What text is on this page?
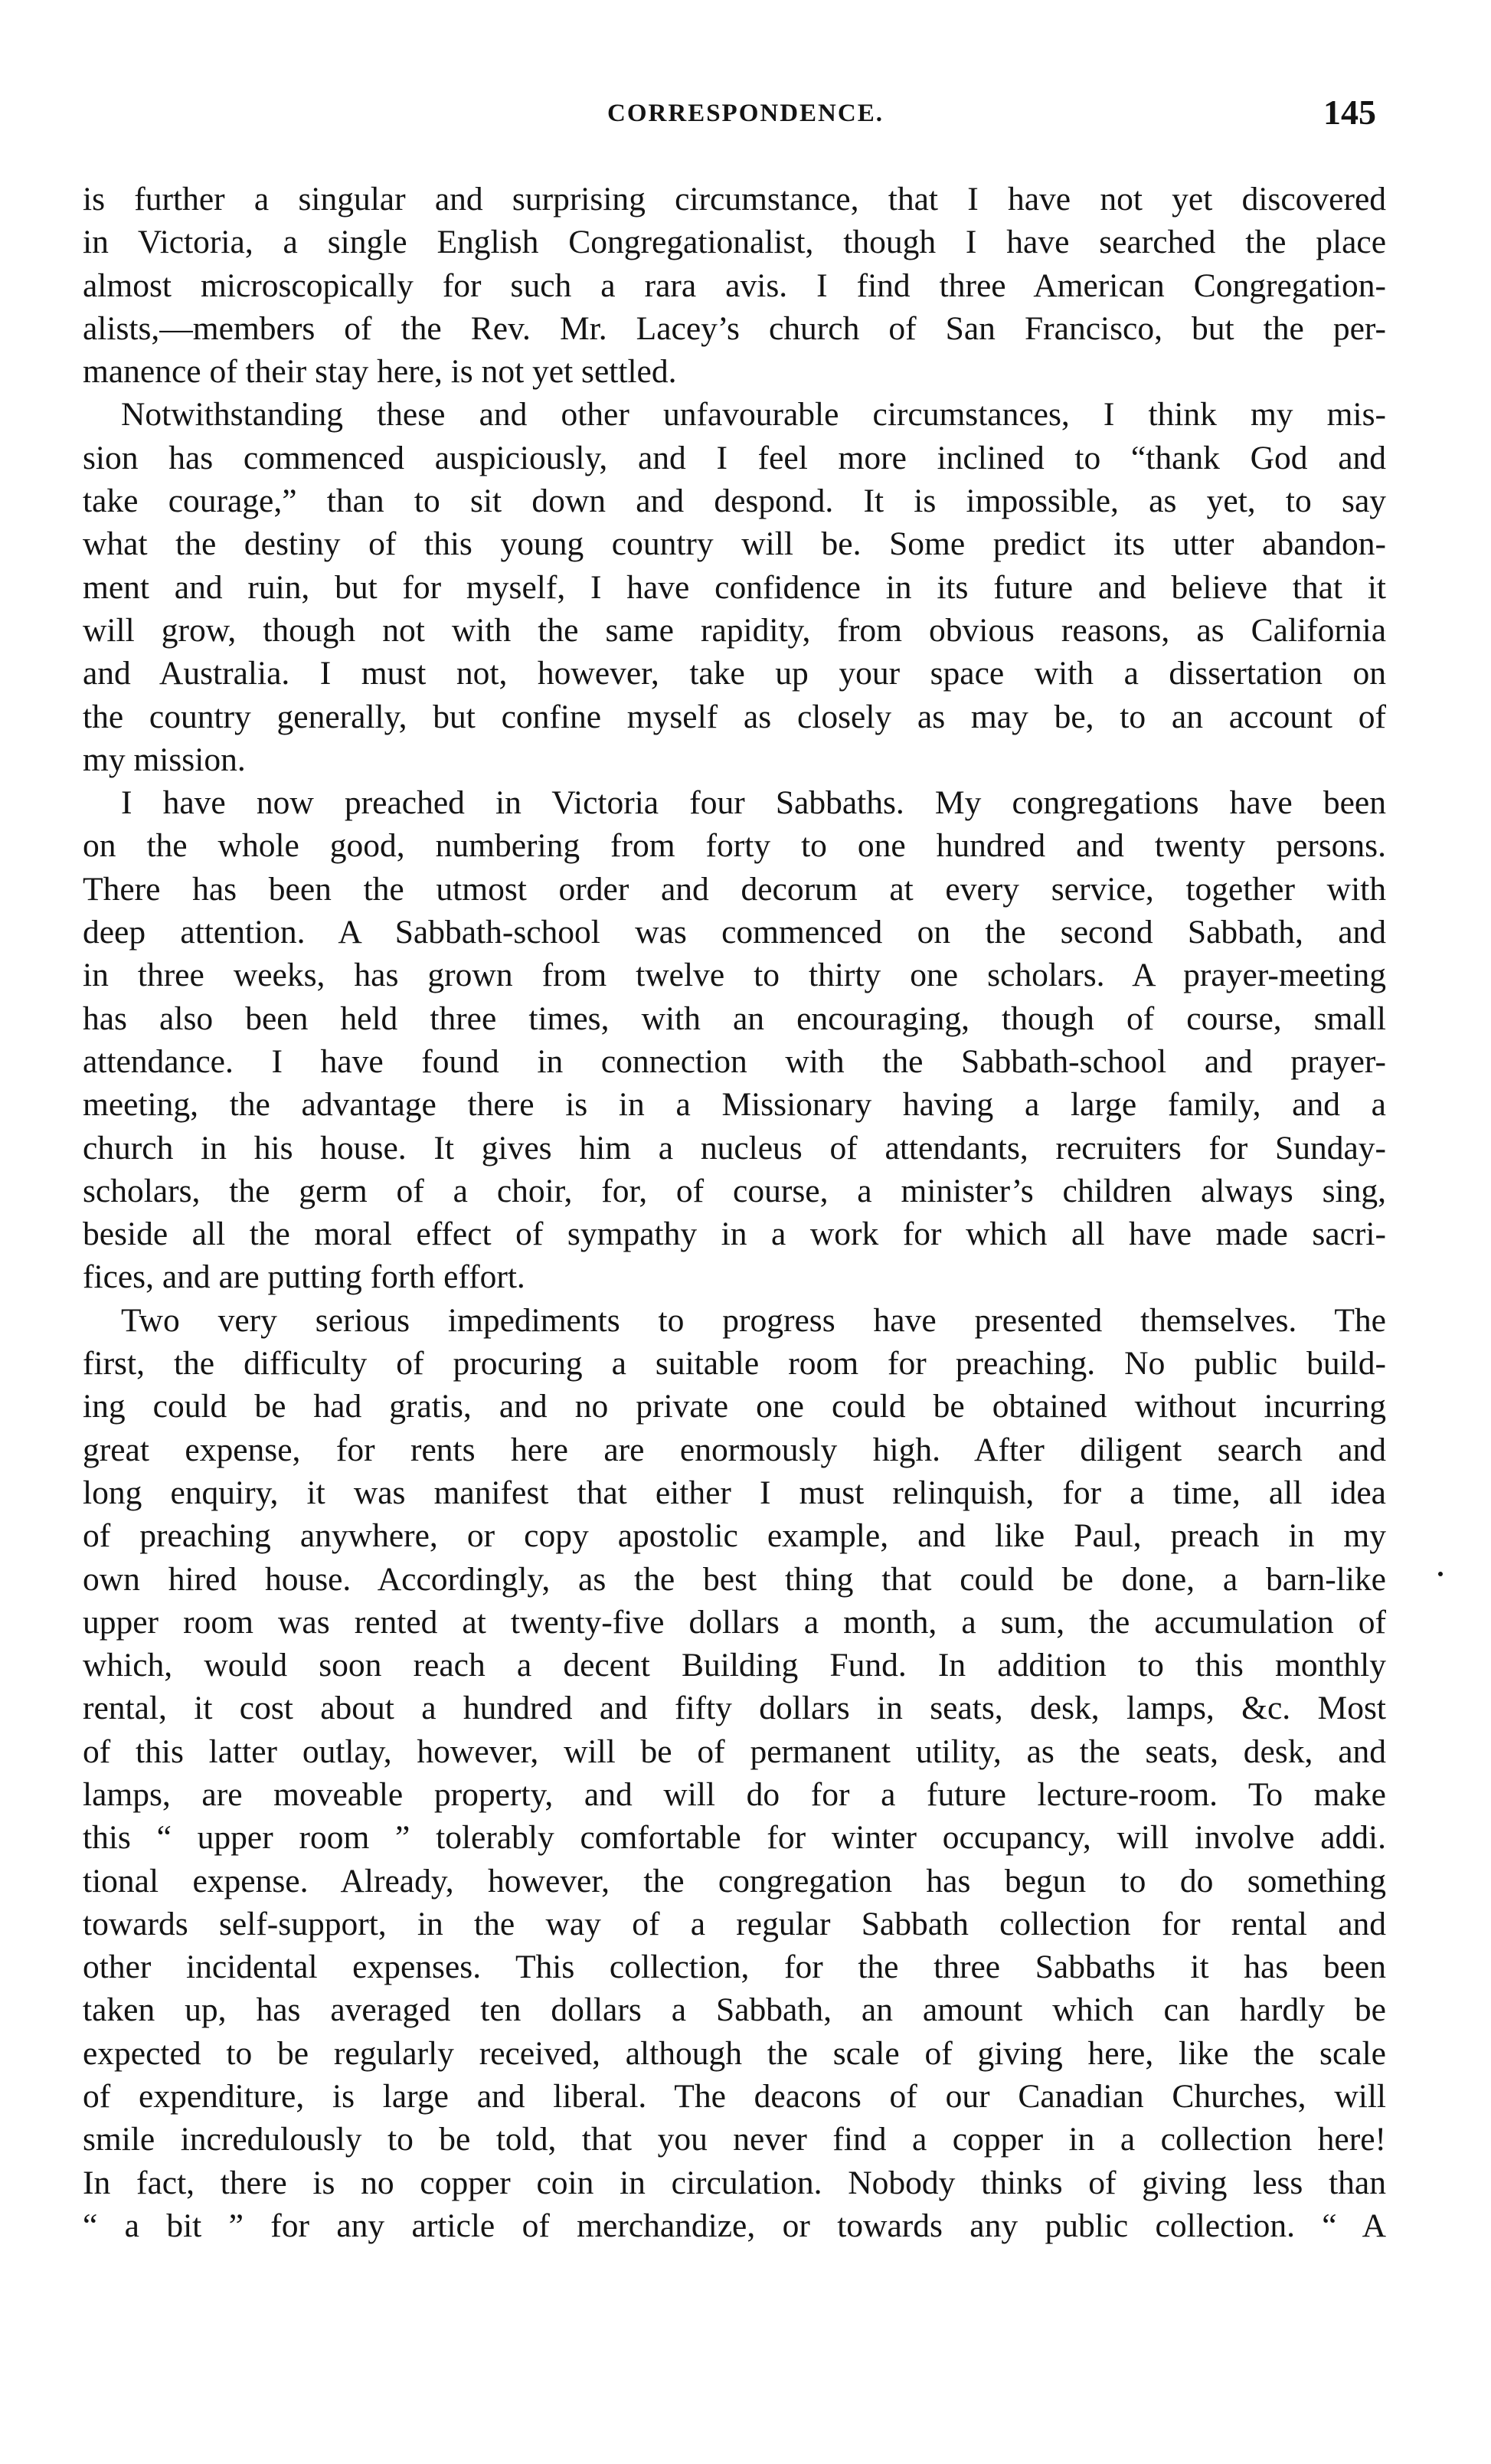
CORRESPONDENCE.	145
is further a singular and surprising circumstance, that I have not yet discovered
in Victoria, a single English Congregationalist, though I have searched the place
almost microscopically for such a rara avis. I find three American Congregation-
alists,—members of the Rev. Mr. Lacey’s church of San Francisco, but the per-
manence of their stay here, is not yet settled.
Notwithstanding these and other unfavourable circumstances, I think my mis-
sion has commenced auspiciously, and I feel more inclined to “thank God and
take courage,” than to sit down and despond. It is impossible, as yet, to say
what the destiny of this young country will be. Some predict its utter abandon-
ment and ruin, but for myself, I have confidence in its future and believe that it
will grow, though not with the same rapidity, from obvious reasons, as California
and Australia. I must not, however, take up your space with a dissertation on
the country generally, but confine myself as closely as may be, to an account of
my mission.
I have now preached in Victoria four Sabbaths. My congregations have been
on the whole good, numbering from forty to one hundred and twenty persons.
There has been the utmost order and decorum at every service, together with
deep attention. A Sabbath-school was commenced on the second Sabbath, and
in three weeks, has grown from twelve to thirty one scholars. A prayer-meeting
has also been held three times, with an encouraging, though of course, small
attendance. I have found in connection with the Sabbath-school and prayer-
meeting, the advantage there is in a Missionary having a large family, and a
church in his house. It gives him a nucleus of attendants, recruiters for Sunday-
scholars, the germ of a choir, for, of course, a minister’s children always sing,
beside all the moral effect of sympathy in a work for which all have made sacri-
fices, and are putting forth effort.
Two very serious impediments to progress have presented themselves. The
first, the difficulty of procuring a suitable room for preaching. No public build-
ing could be had gratis, and no private one could be obtained without incurring
great expense, for rents here are enormously high. After diligent search and
long enquiry, it was manifest that either I must relinquish, for a time, all idea
of preaching anywhere, or copy apostolic example, and like Paul, preach in my
own hired house. Accordingly, as the best thing that could be done, a barn-like
upper room was rented at twenty-five dollars a month, a sum, the accumulation of
which, would soon reach a decent Building Fund. In addition to this monthly
rental, it cost about a hundred and fifty dollars in seats, desk, lamps, &c. Most
of this latter outlay, however, will be of permanent utility, as the seats, desk, and
lamps, are moveable property, and will do for a future lecture-room. To make
this “ upper room ” tolerably comfortable for winter occupancy, will involve addi.
tional expense. Already, however, the congregation has begun to do something
towards self-support, in the way of a regular Sabbath collection for rental and
other incidental expenses. This collection, for the three Sabbaths it has been
taken up, has averaged ten dollars a Sabbath, an amount which can hardly be
expected to be regularly received, although the scale of giving here, like the scale
of expenditure, is large and liberal. The deacons of our Canadian Churches, will
smile incredulously to be told, that you never find a copper in a collection here!
In fact, there is no copper coin in circulation. Nobody thinks of giving less than
“ a bit ” for any article of merchandize, or towards any public collection. “ A
